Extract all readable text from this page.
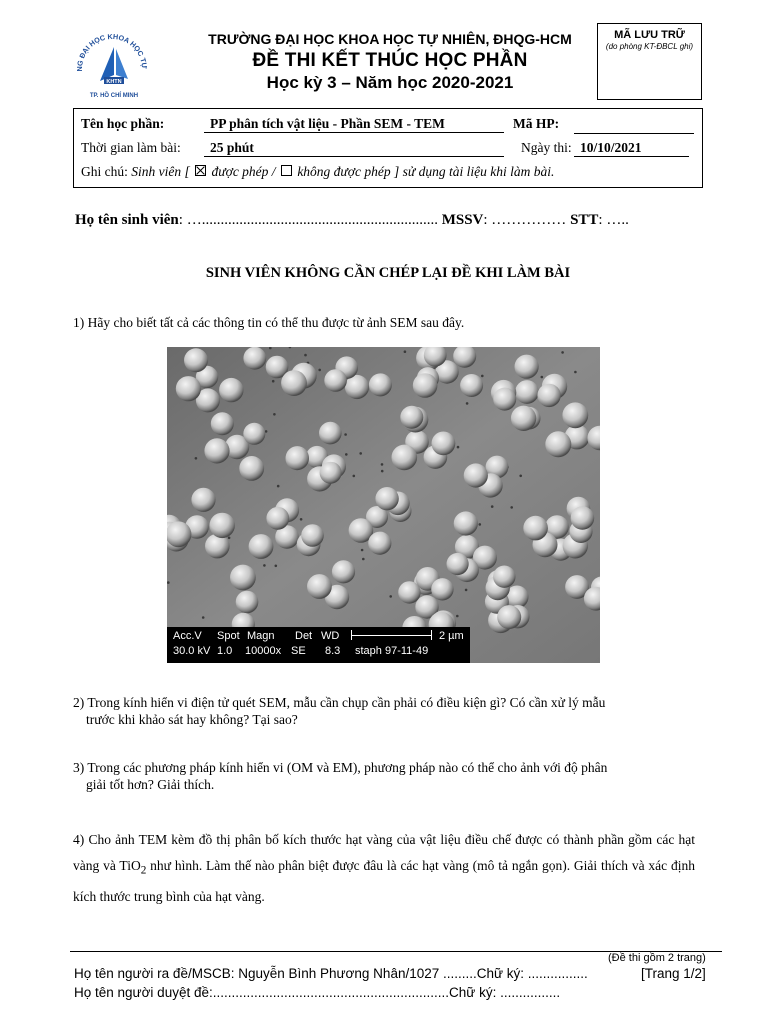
NG ĐẠI HỌC KHOA HỌC TỰ
KHTN
TP. HỒ CHÍ MINH
TRƯỜNG ĐẠI HỌC KHOA HỌC TỰ NHIÊN, ĐHQG-HCM
ĐỀ THI KẾT THÚC HỌC PHẦN
Học kỳ 3 – Năm học 2020-2021
MÃ LƯU TRỮ
(do phòng KT-ĐBCL ghi)
Tên học phần:	PP phân tích vật liệu - Phần SEM - TEM	Mã HP:
Thời gian làm bài:	25 phút	Ngày thi: 10/10/2021
Ghi chú: Sinh viên [ được phép / không được phép ] sử dụng tài liệu khi làm bài.
Họ tên sinh viên: …............................................................... MSSV: …………… STT: …..
SINH VIÊN KHÔNG CẦN CHÉP LẠI ĐỀ KHI LÀM BÀI
1) Hãy cho biết tất cả các thông tin có thể thu được từ ảnh SEM sau đây.
Acc.V Spot Magn Det WD	2 µm
30.0 kV 1.0 10000x SE 8.3 staph 97-11-49
2) Trong kính hiển vi điện tử quét SEM, mẫu cần chụp cần phải có điều kiện gì? Có cần xử lý mẫu
trước khi khảo sát hay không? Tại sao?
3) Trong các phương pháp kính hiển vi (OM và EM), phương pháp nào có thể cho ảnh với độ phân
giải tốt hơn? Giải thích.
4) Cho ảnh TEM kèm đồ thị phân bố kích thước hạt vàng của vật liệu điều chế được có thành phần gồm các hạt vàng và TiO$_2$ như hình. Làm thế nào phân biệt được đâu là các hạt vàng (mô tả ngắn gọn). Giải thích và xác định kích thước trung bình của hạt vàng.
(Đề thi gồm 2 trang)
Họ tên người ra đề/MSCB: Nguyễn Bình Phương Nhân/1027 .........Chữ ký: ................	[Trang 1/2]
Họ tên người duyệt đề:...............................................................Chữ ký: ................
